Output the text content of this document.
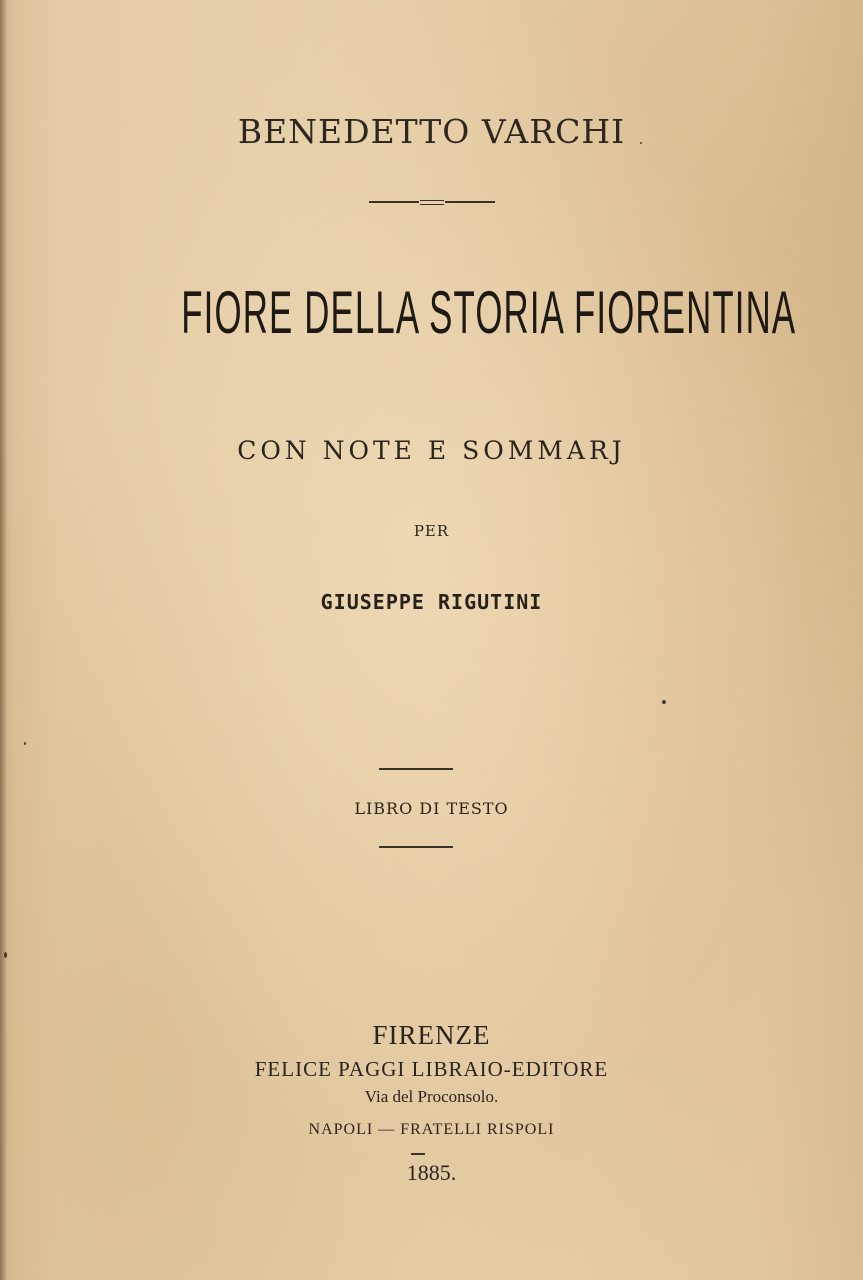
BENEDETTO VARCHI
FIORE DELLA STORIA FIORENTINA
CON NOTE E SOMMARJ
PER
GIUSEPPE RIGUTINI
LIBRO DI TESTO
FIRENZE
FELICE PAGGI LIBRAIO-EDITORE
Via del Proconsolo.
NAPOLI — FRATELLI RISPOLI
1885.
